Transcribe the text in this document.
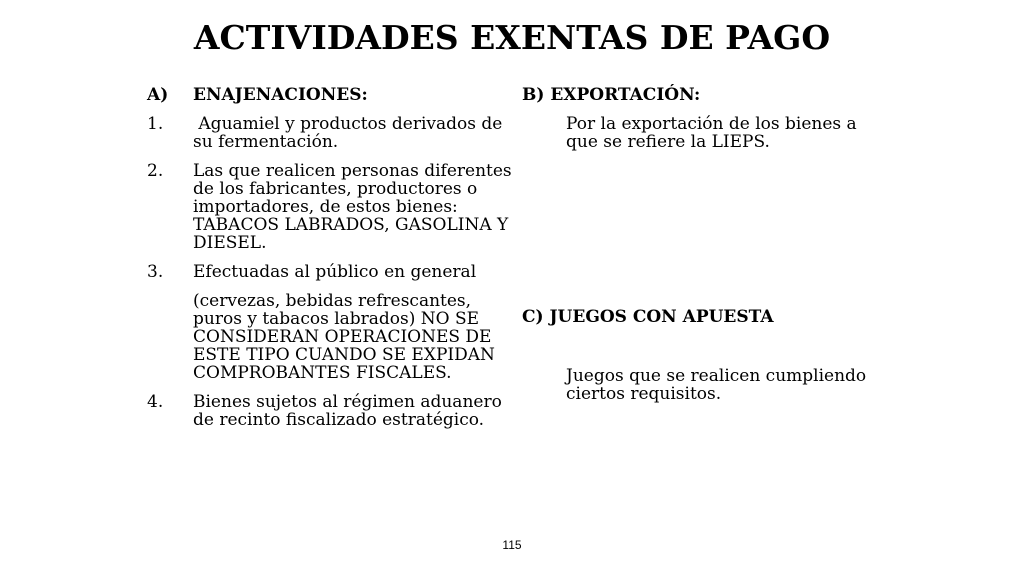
ACTIVIDADES EXENTAS DE PAGO
A)	ENAJENACIONES:
1.	Aguamiel y productos derivados de su fermentación.
2.	Las que realicen personas diferentes de los fabricantes, productores o importadores, de estos bienes: TABACOS LABRADOS, GASOLINA Y DIESEL.
3.	Efectuadas al público en general
(cervezas, bebidas refrescantes, puros y tabacos labrados) NO SE CONSIDERAN OPERACIONES DE ESTE TIPO CUANDO SE EXPIDAN COMPROBANTES FISCALES.
4.	Bienes sujetos al régimen aduanero de recinto fiscalizado estratégico.
B) EXPORTACIÓN:
Por la exportación de los bienes a que se refiere la LIEPS.
C) JUEGOS CON APUESTA
Juegos que se realicen cumpliendo ciertos requisitos.
115
